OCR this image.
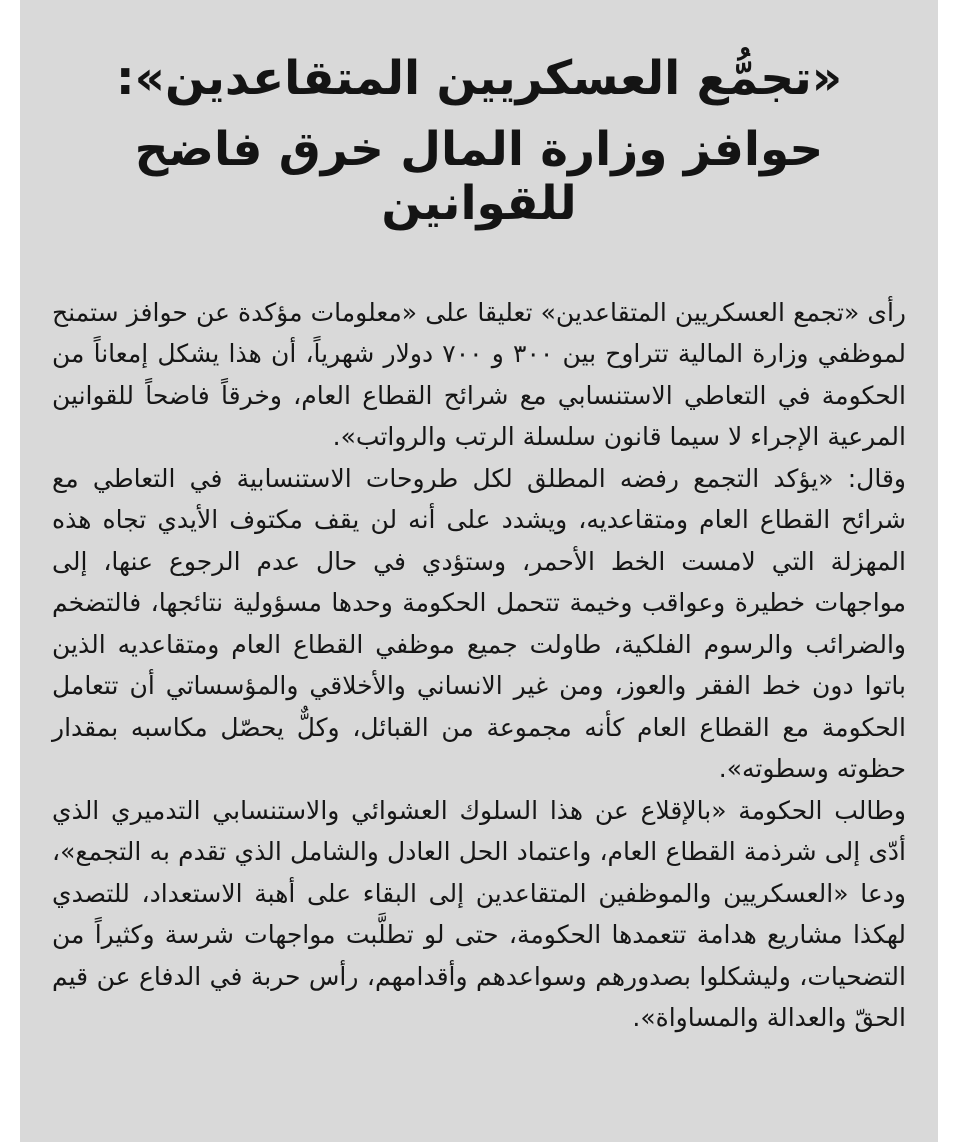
«تجمُّع العسكريين المتقاعدين»:
حوافز وزارة المال خرق فاضح للقوانين

رأى «تجمع العسكريين المتقاعدين» تعليقا على «معلومات مؤكدة عن حوافز ستمنح لموظفي وزارة المالية تتراوح بين ٣٠٠ و ٧٠٠ دولار شهرياً، أن هذا يشكل إمعاناً من الحكومة في التعاطي الاستنسابي مع شرائح القطاع العام، وخرقاً فاضحاً للقوانين المرعية الإجراء لا سيما قانون سلسلة الرتب والرواتب».

وقال: «يؤكد التجمع رفضه المطلق لكل طروحات الاستنسابية في التعاطي مع شرائح القطاع العام ومتقاعديه، ويشدد على أنه لن يقف مكتوف الأيدي تجاه هذه المهزلة التي لامست الخط الأحمر، وستؤدي في حال عدم الرجوع عنها، إلى مواجهات خطيرة وعواقب وخيمة تتحمل الحكومة وحدها مسؤولية نتائجها، فالتضخم والضرائب والرسوم الفلكية، طاولت جميع موظفي القطاع العام ومتقاعديه الذين باتوا دون خط الفقر والعوز، ومن غير الانساني والأخلاقي والمؤسساتي أن تتعامل الحكومة مع القطاع العام كأنه مجموعة من القبائل، وكلٌّ يحصّل مكاسبه بمقدار حظوته وسطوته».

وطالب الحكومة «بالإقلاع عن هذا السلوك العشوائي والاستنسابي التدميري الذي أدّى إلى شرذمة القطاع العام، واعتماد الحل العادل والشامل الذي تقدم به التجمع»، ودعا «العسكريين والموظفين المتقاعدين إلى البقاء على أهبة الاستعداد، للتصدي لهكذا مشاريع هدامة تتعمدها الحكومة، حتى لو تطلَّبت مواجهات شرسة وكثيراً من التضحيات، وليشكلوا بصدورهم وسواعدهم وأقدامهم، رأس حربة في الدفاع عن قيم الحقّ والعدالة والمساواة».
